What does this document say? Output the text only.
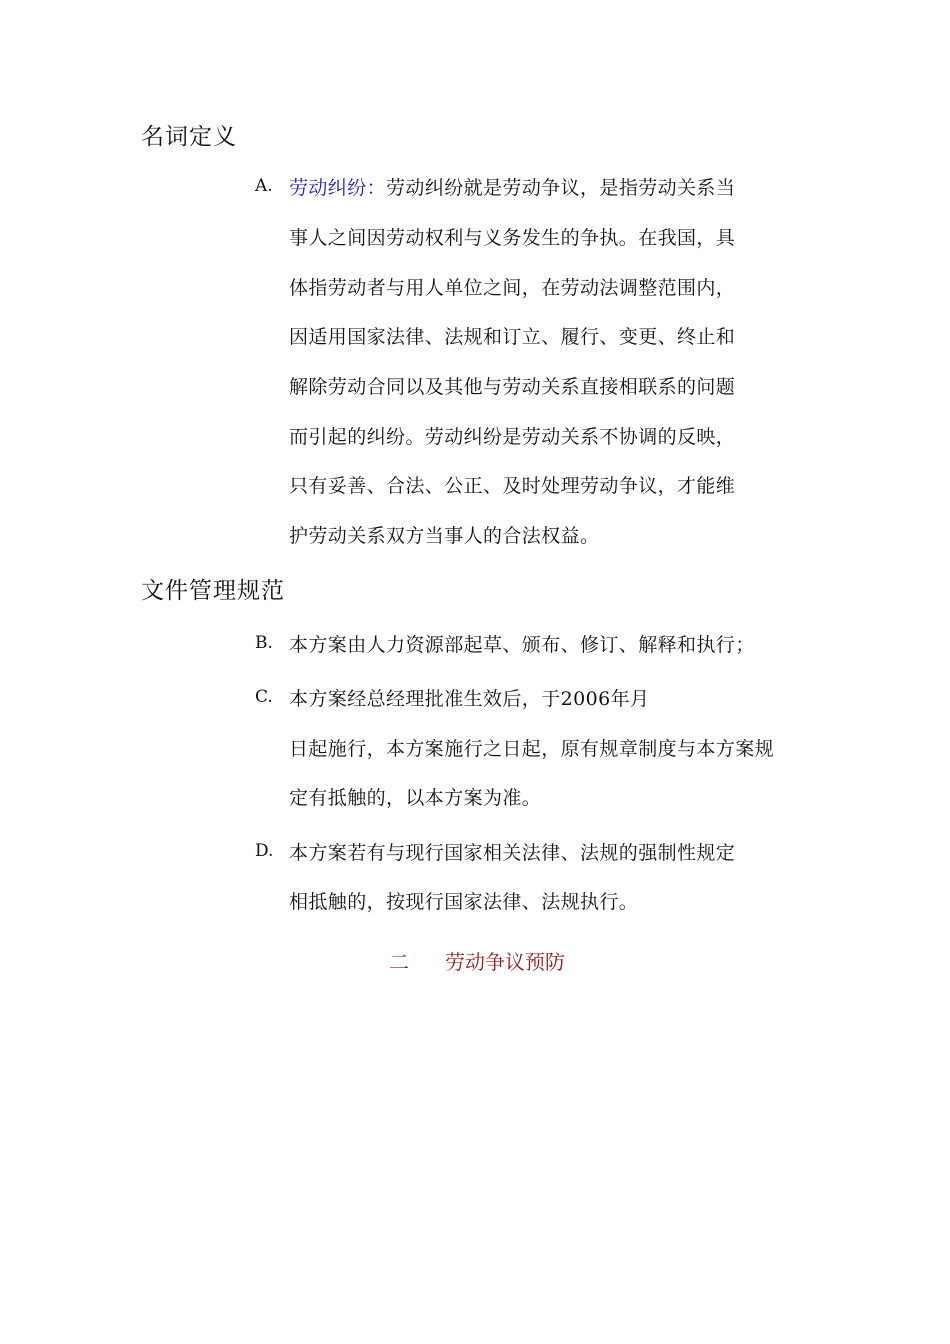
名词定义
A. 劳动纠纷：劳动纠纷就是劳动争议，是指劳动关系当
事人之间因劳动权利与义务发生的争执。在我国，具
体指劳动者与用人单位之间，在劳动法调整范围内，
因适用国家法律、法规和订立、履行、变更、终止和
解除劳动合同以及其他与劳动关系直接相联系的问题
而引起的纠纷。劳动纠纷是劳动关系不协调的反映，
只有妥善、合法、公正、及时处理劳动争议，才能维
护劳动关系双方当事人的合法权益。
文件管理规范
B. 本方案由人力资源部起草、颁布、修订、解释和执行；
C. 本方案经总经理批准生效后，于2006年月
日起施行，本方案施行之日起，原有规章制度与本方案规
定有抵触的，以本方案为准。
D. 本方案若有与现行国家相关法律、法规的强制性规定
相抵触的，按现行国家法律、法规执行。
二 劳动争议预防
